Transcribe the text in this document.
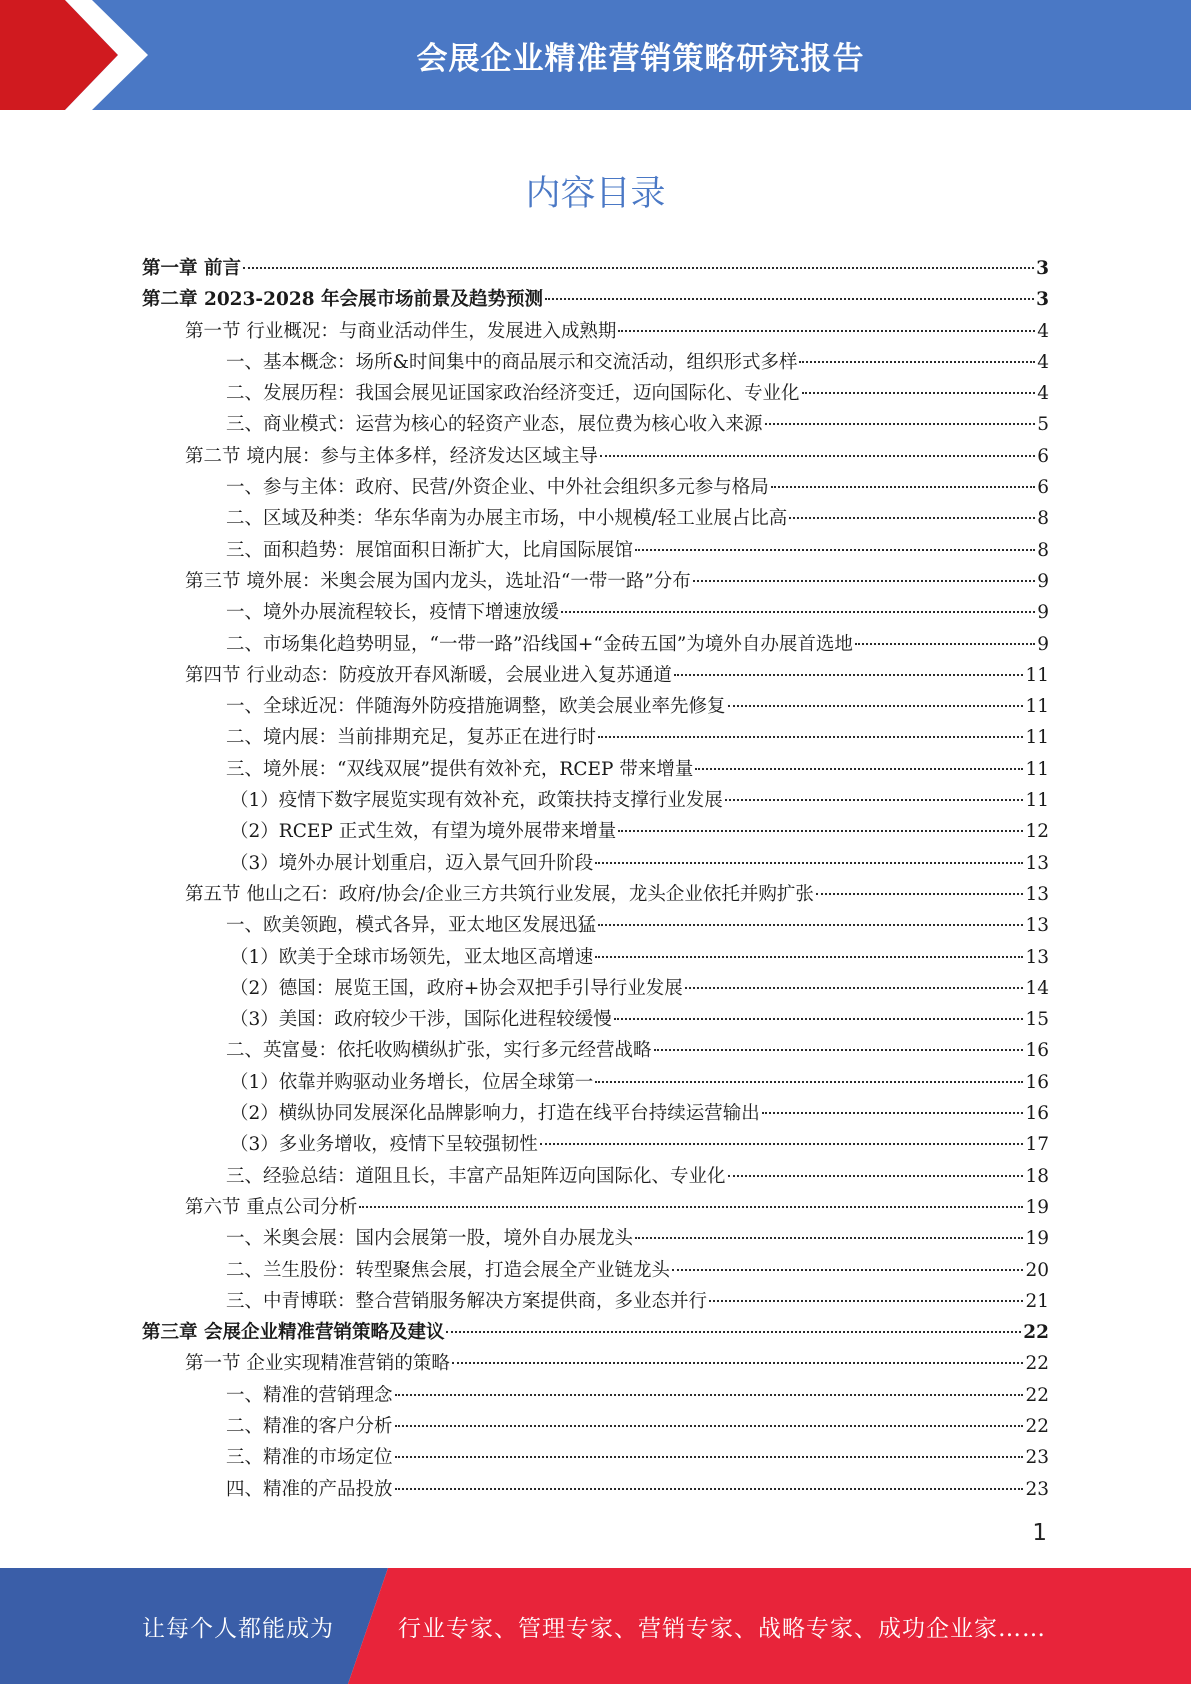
会展企业精准营销策略研究报告
内容目录
第一章 前言	3
第二章 2023-2028 年会展市场前景及趋势预测	3
第一节 行业概况：与商业活动伴生，发展进入成熟期	4
一、基本概念：场所&时间集中的商品展示和交流活动，组织形式多样	4
二、发展历程：我国会展见证国家政治经济变迁，迈向国际化、专业化	4
三、商业模式：运营为核心的轻资产业态，展位费为核心收入来源	5
第二节 境内展：参与主体多样，经济发达区域主导	6
一、参与主体：政府、民营/外资企业、中外社会组织多元参与格局	6
二、区域及种类：华东华南为办展主市场，中小规模/轻工业展占比高	8
三、面积趋势：展馆面积日渐扩大，比肩国际展馆	8
第三节 境外展：米奥会展为国内龙头，选址沿“一带一路”分布	9
一、境外办展流程较长，疫情下增速放缓	9
二、市场集化趋势明显，“一带一路”沿线国+“金砖五国”为境外自办展首选地	9
第四节 行业动态：防疫放开春风渐暖，会展业进入复苏通道	11
一、全球近况：伴随海外防疫措施调整，欧美会展业率先修复	11
二、境内展：当前排期充足，复苏正在进行时	11
三、境外展：“双线双展”提供有效补充，RCEP 带来增量	11
（1）疫情下数字展览实现有效补充，政策扶持支撑行业发展	11
（2）RCEP 正式生效，有望为境外展带来增量	12
（3）境外办展计划重启，迈入景气回升阶段	13
第五节 他山之石：政府/协会/企业三方共筑行业发展，龙头企业依托并购扩张	13
一、欧美领跑，模式各异，亚太地区发展迅猛	13
（1）欧美于全球市场领先，亚太地区高增速	13
（2）德国：展览王国，政府+协会双把手引导行业发展	14
（3）美国：政府较少干涉，国际化进程较缓慢	15
二、英富曼：依托收购横纵扩张，实行多元经营战略	16
（1）依靠并购驱动业务增长，位居全球第一	16
（2）横纵协同发展深化品牌影响力，打造在线平台持续运营输出	16
（3）多业务增收，疫情下呈较强韧性	17
三、经验总结：道阻且长，丰富产品矩阵迈向国际化、专业化	18
第六节 重点公司分析	19
一、米奥会展：国内会展第一股，境外自办展龙头	19
二、兰生股份：转型聚焦会展，打造会展全产业链龙头	20
三、中青博联：整合营销服务解决方案提供商，多业态并行	21
第三章 会展企业精准营销策略及建议	22
第一节 企业实现精准营销的策略	22
一、精准的营销理念	22
二、精准的客户分析	22
三、精准的市场定位	23
四、精准的产品投放	23
1
让每个人都能成为	行业专家、管理专家、营销专家、战略专家、成功企业家……
